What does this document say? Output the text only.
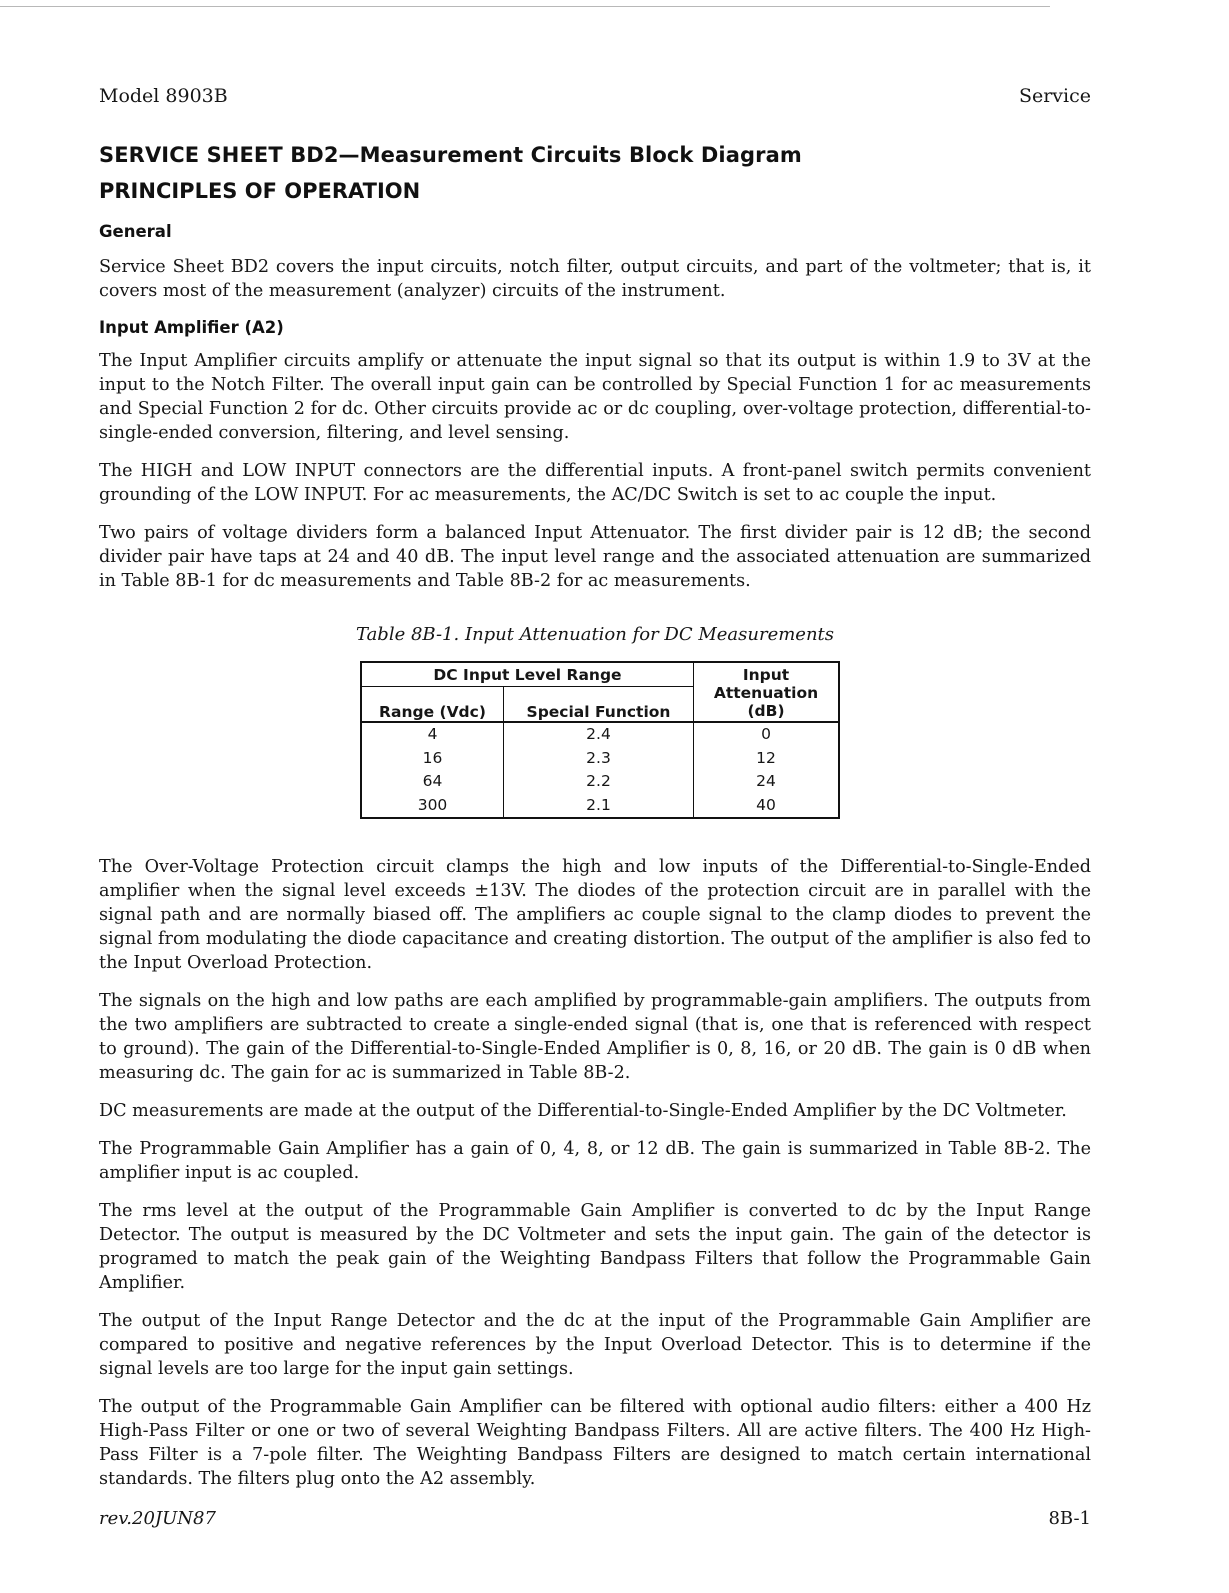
Model 8903B	Service
SERVICE SHEET BD2—Measurement Circuits Block Diagram
PRINCIPLES OF OPERATION
General

Service Sheet BD2 covers the input circuits, notch filter, output circuits, and part of the voltmeter; that is, it covers most of the measurement (analyzer) circuits of the instrument.

Input Amplifier (A2)

The Input Amplifier circuits amplify or attenuate the input signal so that its output is within 1.9 to 3V at the input to the Notch Filter. The overall input gain can be controlled by Special Function 1 for ac measurements and Special Function 2 for dc. Other circuits provide ac or dc coupling, over-voltage protection, differential-to-single-ended conversion, filtering, and level sensing.

The HIGH and LOW INPUT connectors are the differential inputs. A front-panel switch permits convenient grounding of the LOW INPUT. For ac measurements, the AC/DC Switch is set to ac couple the input.

Two pairs of voltage dividers form a balanced Input Attenuator. The first divider pair is 12 dB; the second divider pair have taps at 24 and 40 dB. The input level range and the associated attenuation are summarized in Table 8B-1 for dc measurements and Table 8B-2 for ac measurements.

Table 8B-1. Input Attenuation for DC Measurements
DC Input Level Range		Input Attenuation (dB)
Range (Vdc)	Special Function	
4	2.4	0
16	2.3	12
64	2.2	24
300	2.1	40

The Over-Voltage Protection circuit clamps the high and low inputs of the Differential-to-Single-Ended amplifier when the signal level exceeds ±13V. The diodes of the protection circuit are in parallel with the signal path and are normally biased off. The amplifiers ac couple signal to the clamp diodes to prevent the signal from modulating the diode capacitance and creating distortion. The output of the amplifier is also fed to the Input Overload Protection.

The signals on the high and low paths are each amplified by programmable-gain amplifiers. The outputs from the two amplifiers are subtracted to create a single-ended signal (that is, one that is referenced with respect to ground). The gain of the Differential-to-Single-Ended Amplifier is 0, 8, 16, or 20 dB. The gain is 0 dB when measuring dc. The gain for ac is summarized in Table 8B-2.

DC measurements are made at the output of the Differential-to-Single-Ended Amplifier by the DC Voltmeter.

The Programmable Gain Amplifier has a gain of 0, 4, 8, or 12 dB. The gain is summarized in Table 8B-2. The amplifier input is ac coupled.

The rms level at the output of the Programmable Gain Amplifier is converted to dc by the Input Range Detector. The output is measured by the DC Voltmeter and sets the input gain. The gain of the detector is programed to match the peak gain of the Weighting Bandpass Filters that follow the Programmable Gain Amplifier.

The output of the Input Range Detector and the dc at the input of the Programmable Gain Amplifier are compared to positive and negative references by the Input Overload Detector. This is to determine if the signal levels are too large for the input gain settings.

The output of the Programmable Gain Amplifier can be filtered with optional audio filters: either a 400 Hz High-Pass Filter or one or two of several Weighting Bandpass Filters. All are active filters. The 400 Hz High-Pass Filter is a 7-pole filter. The Weighting Bandpass Filters are designed to match certain international standards. The filters plug onto the A2 assembly.

rev.20JUN87	8B-1
